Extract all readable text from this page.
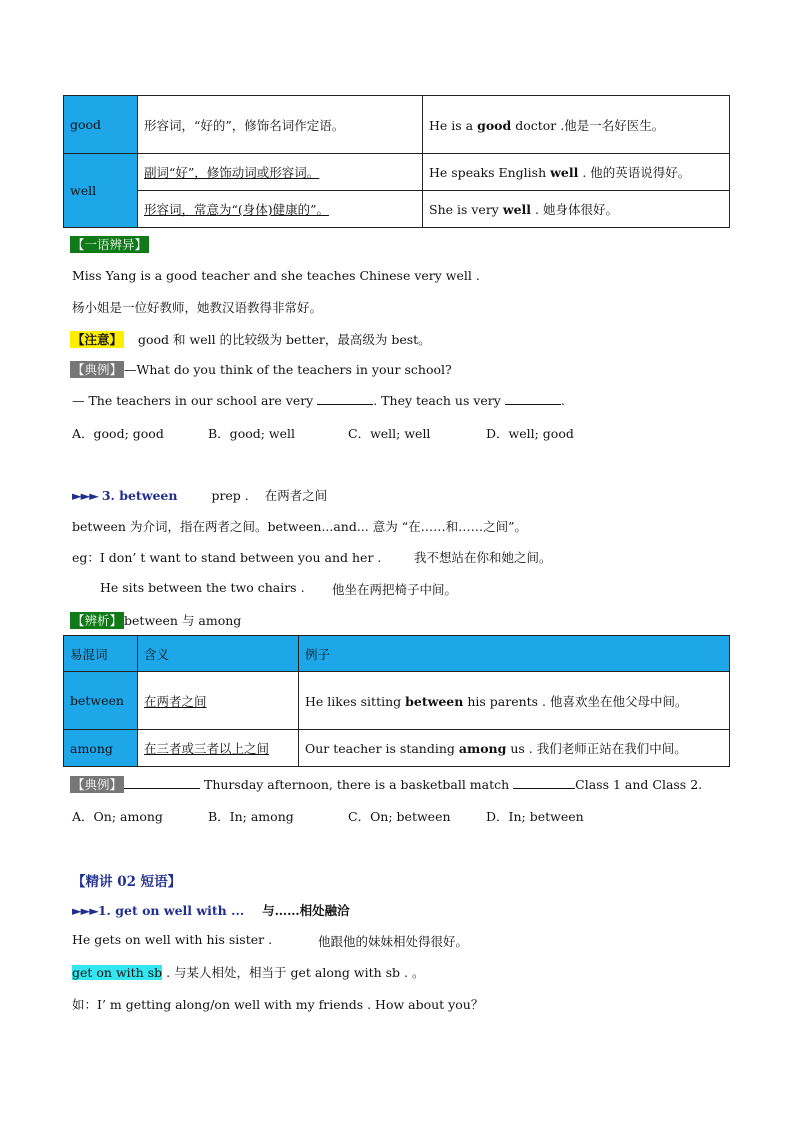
good	形容词，“好的”，修饰名词作定语。	He is a good doctor .他是一名好医生。
well	副词“好”，修饰动词或形容词。	He speaks English well . 他的英语说得好。
	形容词，常意为“(身体)健康的”。	She is very well . 她身体很好。
【一语辨异】
Miss Yang is a good teacher and she teaches Chinese very well .
杨小姐是一位好教师，她教汉语教得非常好。
【注意】 good 和 well 的比较级为 better，最高级为 best。
【典例】 —What do you think of the teachers in your school?
— The teachers in our school are very	. They teach us very	.
A．good; good	B．good; well	C．well; well	D．well; good
►►► 3. between	prep . 在两者之间
between 为介词，指在两者之间。between...and... 意为 “在……和……之间”。
eg：I don’ t want to stand between you and her .	我不想站在你和她之间。
He sits between the two chairs . 他坐在两把椅子中间。
【辨析】 between 与 among
易混词	含义	例子
between	在两者之间	He likes sitting between his parents . 他喜欢坐在他父母中间。
among	在三者或三者以上之间	Our teacher is standing among us . 我们老师正站在我们中间。
【典例】	Thursday afternoon, there is a basketball match	Class 1 and Class 2.
A．On; among	B．In; among	C．On; between	D．In; between
【精讲 02 短语】
►►►1. get on well with ... 与……相处融洽
He gets on well with his sister .	他跟他的妹妹相处得很好。
get on with sb . 与某人相处，相当于 get along with sb . 。
如：I’ m getting along/on well with my friends . How about you？
